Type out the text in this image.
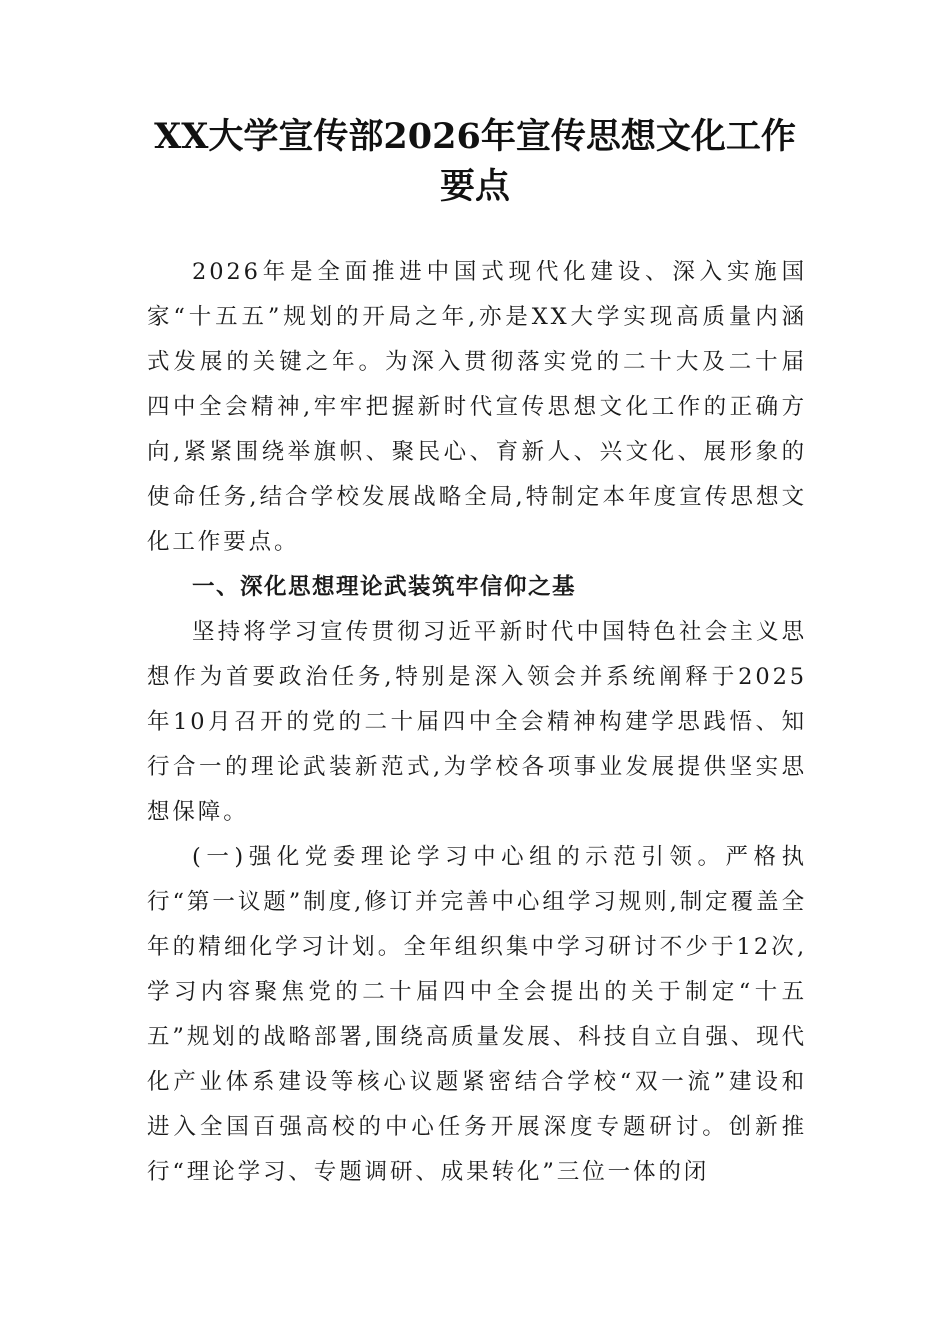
XX大学宣传部2026年宣传思想文化工作要点

2026年是全面推进中国式现代化建设、深入实施国家“十五五”规划的开局之年,亦是XX大学实现高质量内涵式发展的关键之年。为深入贯彻落实党的二十大及二十届四中全会精神,牢牢把握新时代宣传思想文化工作的正确方向,紧紧围绕举旗帜、聚民心、育新人、兴文化、展形象的使命任务,结合学校发展战略全局,特制定本年度宣传思想文化工作要点。

一、深化思想理论武装筑牢信仰之基

坚持将学习宣传贯彻习近平新时代中国特色社会主义思想作为首要政治任务,特别是深入领会并系统阐释于2025年10月召开的党的二十届四中全会精神构建学思践悟、知行合一的理论武装新范式,为学校各项事业发展提供坚实思想保障。

(一)强化党委理论学习中心组的示范引领。严格执行“第一议题”制度,修订并完善中心组学习规则,制定覆盖全年的精细化学习计划。全年组织集中学习研讨不少于12次,学习内容聚焦党的二十届四中全会提出的关于制定“十五五”规划的战略部署,围绕高质量发展、科技自立自强、现代化产业体系建设等核心议题紧密结合学校“双一流”建设和进入全国百强高校的中心任务开展深度专题研讨。创新推行“理论学习、专题调研、成果转化”三位一体的闭
